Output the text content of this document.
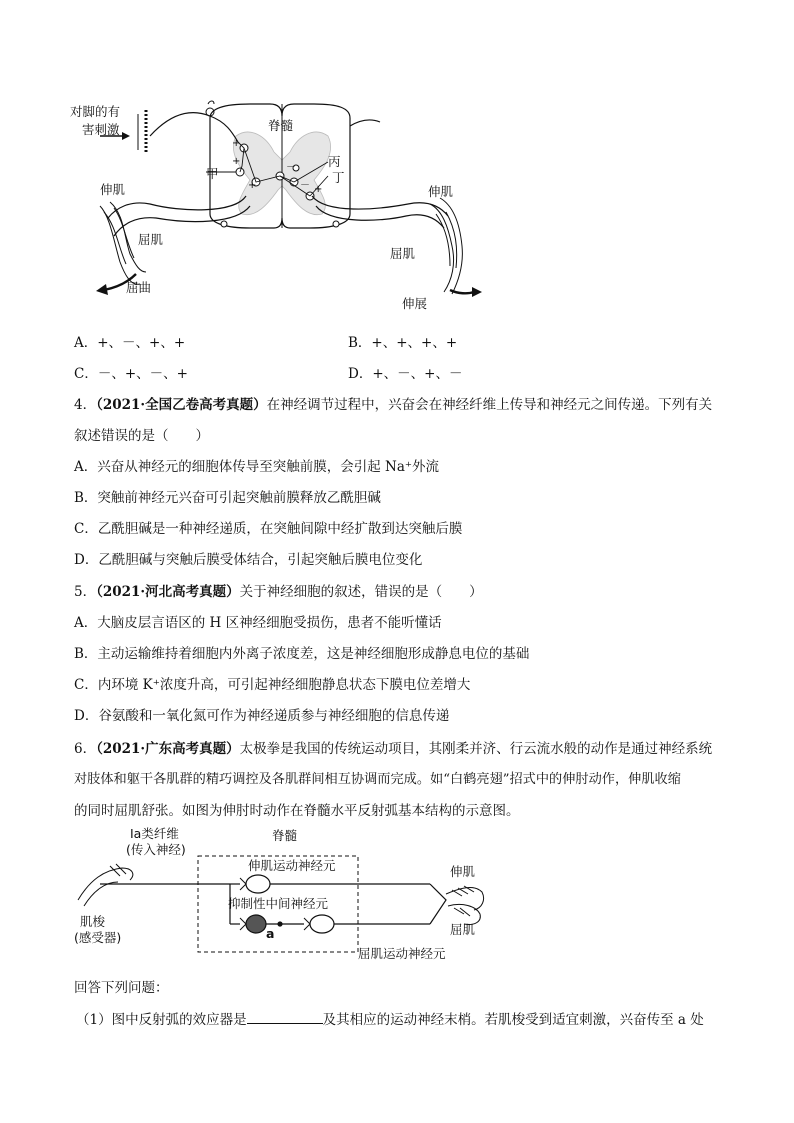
+
+
+
－
－ +
对脚的有
害刺激	脊髓
甲
丙
丁
伸肌
屈肌
屈曲
伸肌
屈肌
伸展
A．+、－、+、+	B．+、+、+、+
C．－、+、－、+	D．+、－、+、－
4．（2021·全国乙卷高考真题）在神经调节过程中，兴奋会在神经纤维上传导和神经元之间传递。下列有关
叙述错误的是（　　）
A．兴奋从神经元的细胞体传导至突触前膜，会引起 Na⁺外流
B．突触前神经元兴奋可引起突触前膜释放乙酰胆碱
C．乙酰胆碱是一种神经递质，在突触间隙中经扩散到达突触后膜
D．乙酰胆碱与突触后膜受体结合，引起突触后膜电位变化
5．（2021·河北高考真题）关于神经细胞的叙述，错误的是（　　）
A．大脑皮层言语区的 H 区神经细胞受损伤，患者不能听懂话
B．主动运输维持着细胞内外离子浓度差，这是神经细胞形成静息电位的基础
C．内环境 K⁺浓度升高，可引起神经细胞静息状态下膜电位差增大
D．谷氨酸和一氧化氮可作为神经递质参与神经细胞的信息传递
6．（2021·广东高考真题）太极拳是我国的传统运动项目，其刚柔并济、行云流水般的动作是通过神经系统
对肢体和躯干各肌群的精巧调控及各肌群间相互协调而完成。如“白鹤亮翅”招式中的伸肘动作，伸肌收缩
的同时屈肌舒张。如图为伸肘时动作在脊髓水平反射弧基本结构的示意图。
Ⅰa类纤维
(传入神经)
脊髓
伸肌运动神经元
抑制性中间神经元
a
肌梭
(感受器)
伸肌
屈肌
屈肌运动神经元
回答下列问题：
（1）图中反射弧的效应器是	及其相应的运动神经末梢。若肌梭受到适宜刺激，兴奋传至 a 处
